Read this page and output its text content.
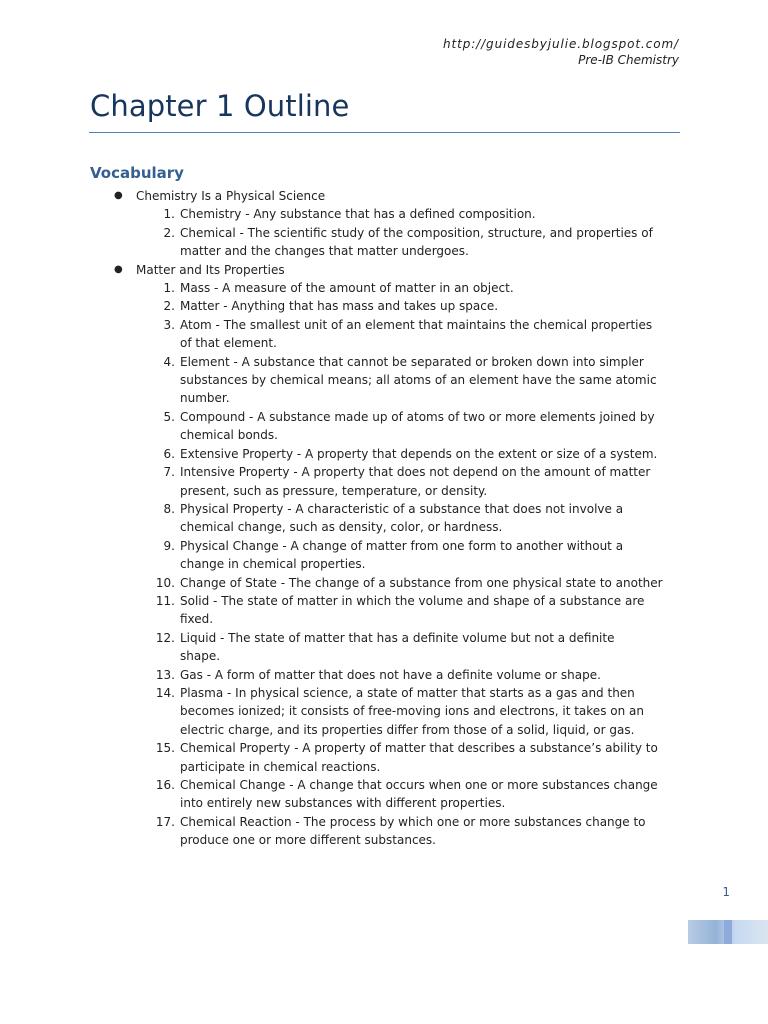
http://guidesbyjulie.blogspot.com/
Pre-IB Chemistry
Chapter 1 Outline
Vocabulary
● Chemistry Is a Physical Science
1. Chemistry - Any substance that has a defined composition.
2. Chemical - The scientific study of the composition, structure, and properties of
matter and the changes that matter undergoes.
● Matter and Its Properties
1. Mass - A measure of the amount of matter in an object.
2. Matter - Anything that has mass and takes up space.
3. Atom - The smallest unit of an element that maintains the chemical properties
of that element.
4. Element - A substance that cannot be separated or broken down into simpler
substances by chemical means; all atoms of an element have the same atomic
number.
5. Compound - A substance made up of atoms of two or more elements joined by
chemical bonds.
6. Extensive Property - A property that depends on the extent or size of a system.
7. Intensive Property - A property that does not depend on the amount of matter
present, such as pressure, temperature, or density.
8. Physical Property - A characteristic of a substance that does not involve a
chemical change, such as density, color, or hardness.
9. Physical Change - A change of matter from one form to another without a
change in chemical properties.
10. Change of State - The change of a substance from one physical state to another
11. Solid - The state of matter in which the volume and shape of a substance are
fixed.
12. Liquid - The state of matter that has a definite volume but not a definite
shape.
13. Gas - A form of matter that does not have a definite volume or shape.
14. Plasma - In physical science, a state of matter that starts as a gas and then
becomes ionized; it consists of free-moving ions and electrons, it takes on an
electric charge, and its properties differ from those of a solid, liquid, or gas.
15. Chemical Property - A property of matter that describes a substance’s ability to
participate in chemical reactions.
16. Chemical Change - A change that occurs when one or more substances change
into entirely new substances with different properties.
17. Chemical Reaction - The process by which one or more substances change to
produce one or more different substances.
1
